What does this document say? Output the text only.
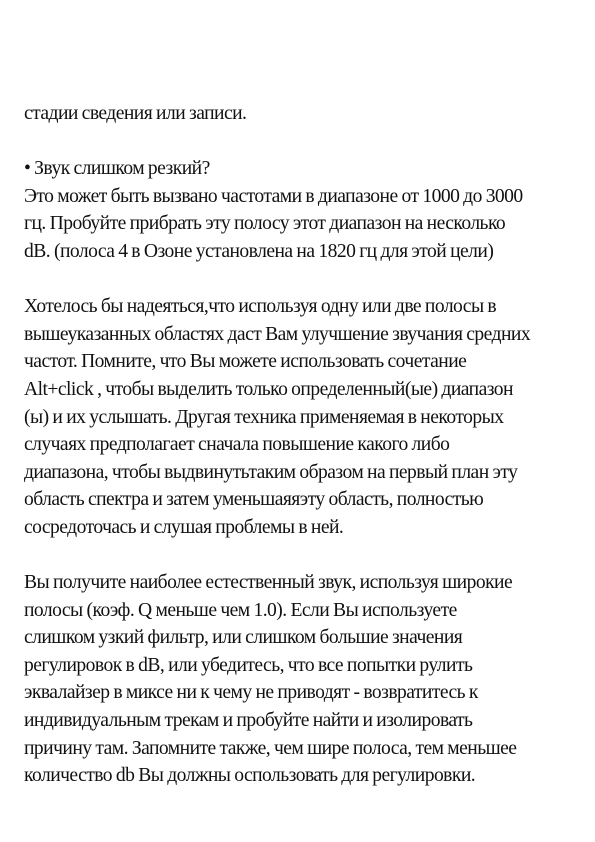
стадии сведения или записи.
• Звук слишком резкий?
Это может быть вызвано частотами в диапазоне от 1000 до 3000
гц. Пробуйте прибрать эту полосу этот диапазон на несколько
dB. (полоса 4 в Озоне установлена на 1820 гц для этой цели)
Хотелось бы надеяться,что используя одну или две полосы в
вышеуказанных областях даст Вам улучшение звучания средних
частот. Помните, что Вы можете использовать сочетание
Alt+click , чтобы выделить только определенный(ые) диапазон
(ы) и их услышать. Другая техника применяемая в некоторых
случаях предполагает сначала повышение какого либо
диапазона, чтобы выдвинутьтаким образом на первый план эту
область спектра и затем уменьшаяяэту область, полностью
сосредоточась и слушая проблемы в ней.
Вы получите наиболее естественный звук, используя широкие
полосы (коэф. Q меньше чем 1.0). Если Вы используете
слишком узкий фильтр, или слишком большие значения
регулировок в dB, или убедитесь, что все попытки рулить
эквалайзер в миксе ни к чему не приводят - возвратитесь к
индивидуальным трекам и пробуйте найти и изолировать
причину там. Запомните также, чем шире полоса, тем меньшее
количество db Вы должны оспользовать для регулировки.
